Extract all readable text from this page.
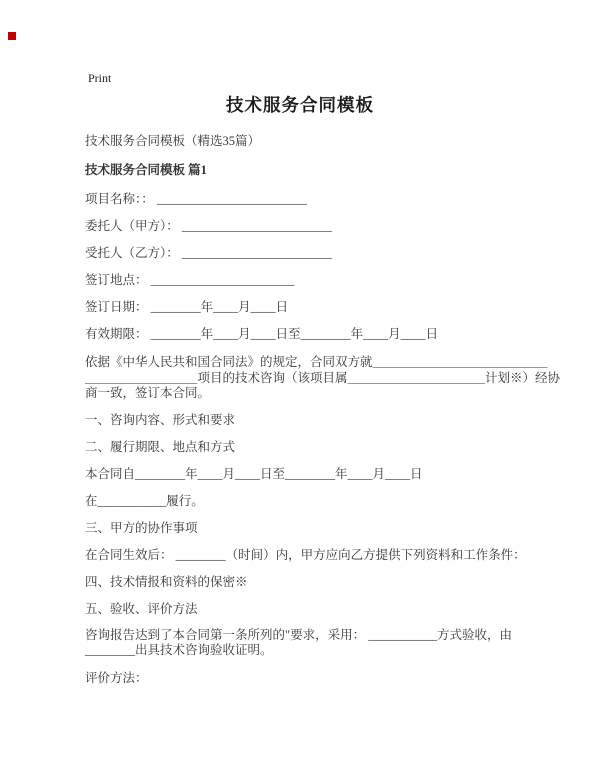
Print
技术服务合同模板
技术服务合同模板（精选35篇）
技术服务合同模板 篇1
项目名称：： ________________________
委托人（甲方）： ________________________
受托人（乙方）： ________________________
签订地点： _______________________
签订日期： ________年____月____日
有效期限： ________年____月____日至________年____月____日
依据《中华人民共和国合同法》的规定，合同双方就＿＿＿＿＿＿＿＿＿＿＿＿＿＿
＿＿＿＿＿＿＿＿＿项目的技术咨询（该项目属＿＿＿＿＿＿＿＿＿＿＿计划※）经协
商一致，签订本合同。
一、咨询内容、形式和要求
二、履行期限、地点和方式
本合同自________年____月____日至________年____月____日
在___________履行。
三、甲方的协作事项
在合同生效后： ________（时间）内，甲方应向乙方提供下列资料和工作条件：
四、技术情报和资料的保密※
五、验收、评价方法
咨询报告达到了本合同第一条所列的"要求，采用： ___________方式验收，由
________出具技术咨询验收证明。
评价方法：
